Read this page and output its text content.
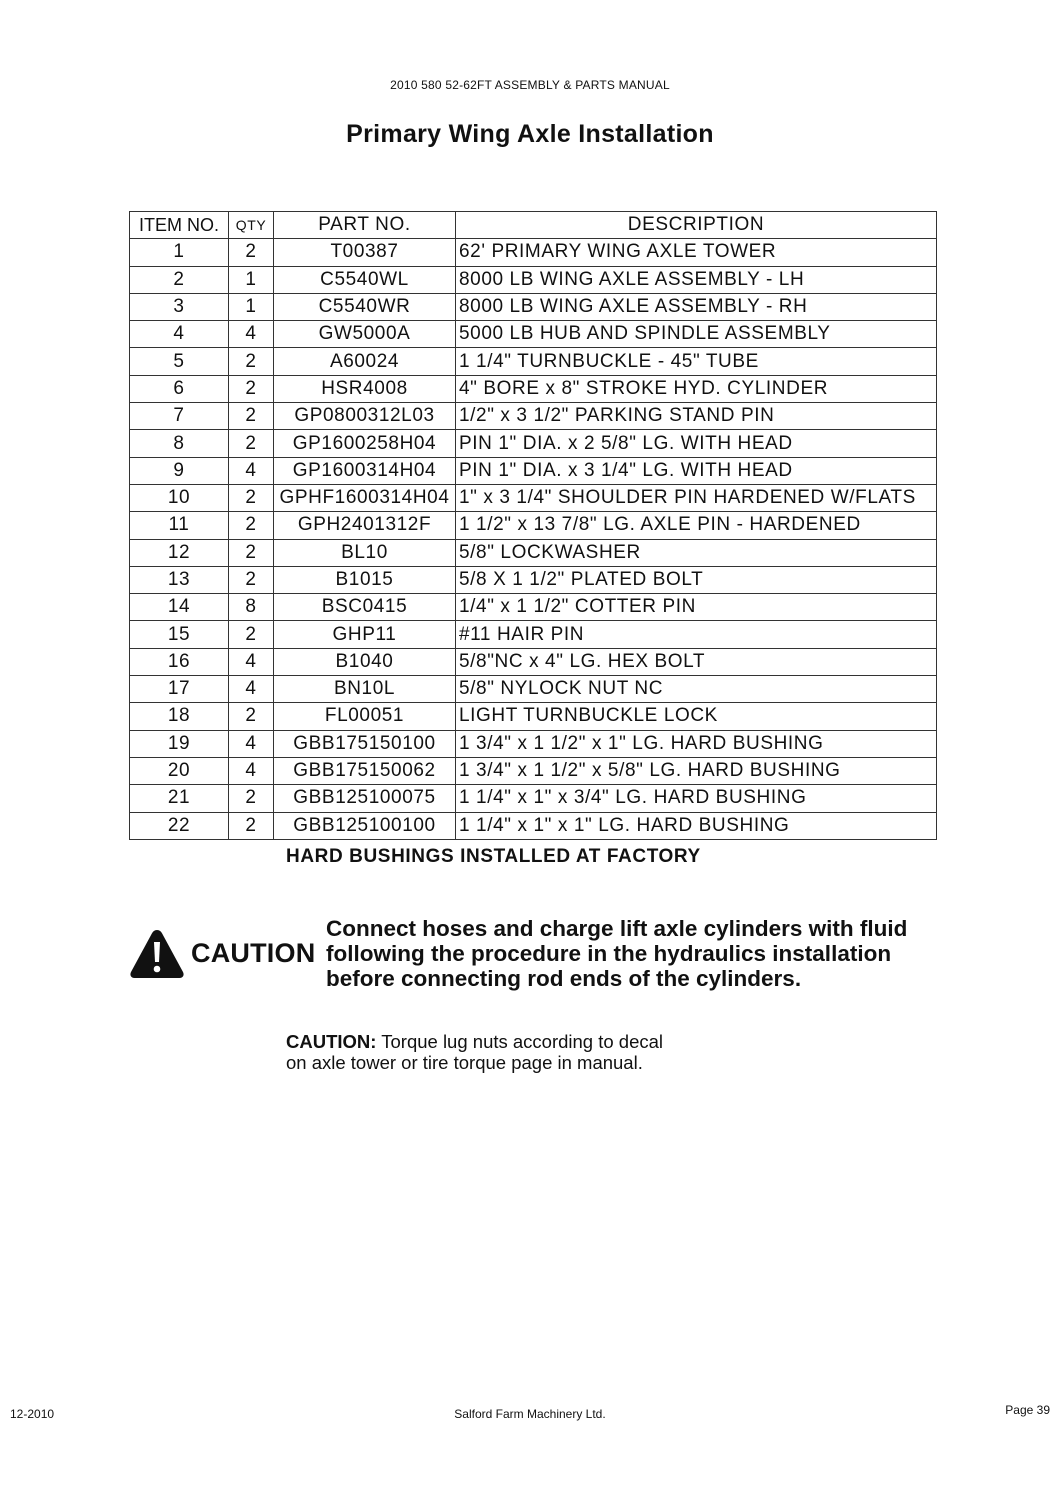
2010 580 52-62FT ASSEMBLY & PARTS MANUAL
Primary Wing Axle Installation
ITEM NO.	QTY	PART NO.	DESCRIPTION
1	2	T00387	62' PRIMARY WING AXLE TOWER
2	1	C5540WL	8000 LB WING AXLE ASSEMBLY - LH
3	1	C5540WR	8000 LB WING AXLE ASSEMBLY - RH
4	4	GW5000A	5000 LB HUB AND SPINDLE ASSEMBLY
5	2	A60024	1 1/4" TURNBUCKLE - 45" TUBE
6	2	HSR4008	4" BORE x 8" STROKE HYD. CYLINDER
7	2	GP0800312L03	1/2" x 3 1/2" PARKING STAND PIN
8	2	GP1600258H04	PIN 1" DIA. x 2 5/8" LG. WITH HEAD
9	4	GP1600314H04	PIN 1" DIA. x 3 1/4" LG. WITH HEAD
10	2	GPHF1600314H04	1" x 3 1/4" SHOULDER PIN HARDENED W/FLATS
11	2	GPH2401312F	1 1/2" x 13 7/8" LG. AXLE PIN - HARDENED
12	2	BL10	5/8" LOCKWASHER
13	2	B1015	5/8 X 1 1/2" PLATED BOLT
14	8	BSC0415	1/4" x 1 1/2" COTTER PIN
15	2	GHP11	#11 HAIR PIN
16	4	B1040	5/8"NC x 4" LG. HEX BOLT
17	4	BN10L	5/8" NYLOCK NUT NC
18	2	FL00051	LIGHT TURNBUCKLE LOCK
19	4	GBB175150100	1 3/4" x 1 1/2" x 1" LG. HARD BUSHING
20	4	GBB175150062	1 3/4" x 1 1/2" x 5/8" LG. HARD BUSHING
21	2	GBB125100075	1 1/4" x 1" x 3/4" LG. HARD BUSHING
22	2	GBB125100100	1 1/4" x 1" x 1" LG. HARD BUSHING
HARD BUSHINGS INSTALLED AT FACTORY
CAUTION
Connect hoses and charge lift axle cylinders with fluid
following the procedure in the hydraulics installation
before connecting rod ends of the cylinders.
CAUTION: Torque lug nuts according to decal
on axle tower or tire torque page in manual.
12-2010	Salford Farm Machinery Ltd.	Page 39
